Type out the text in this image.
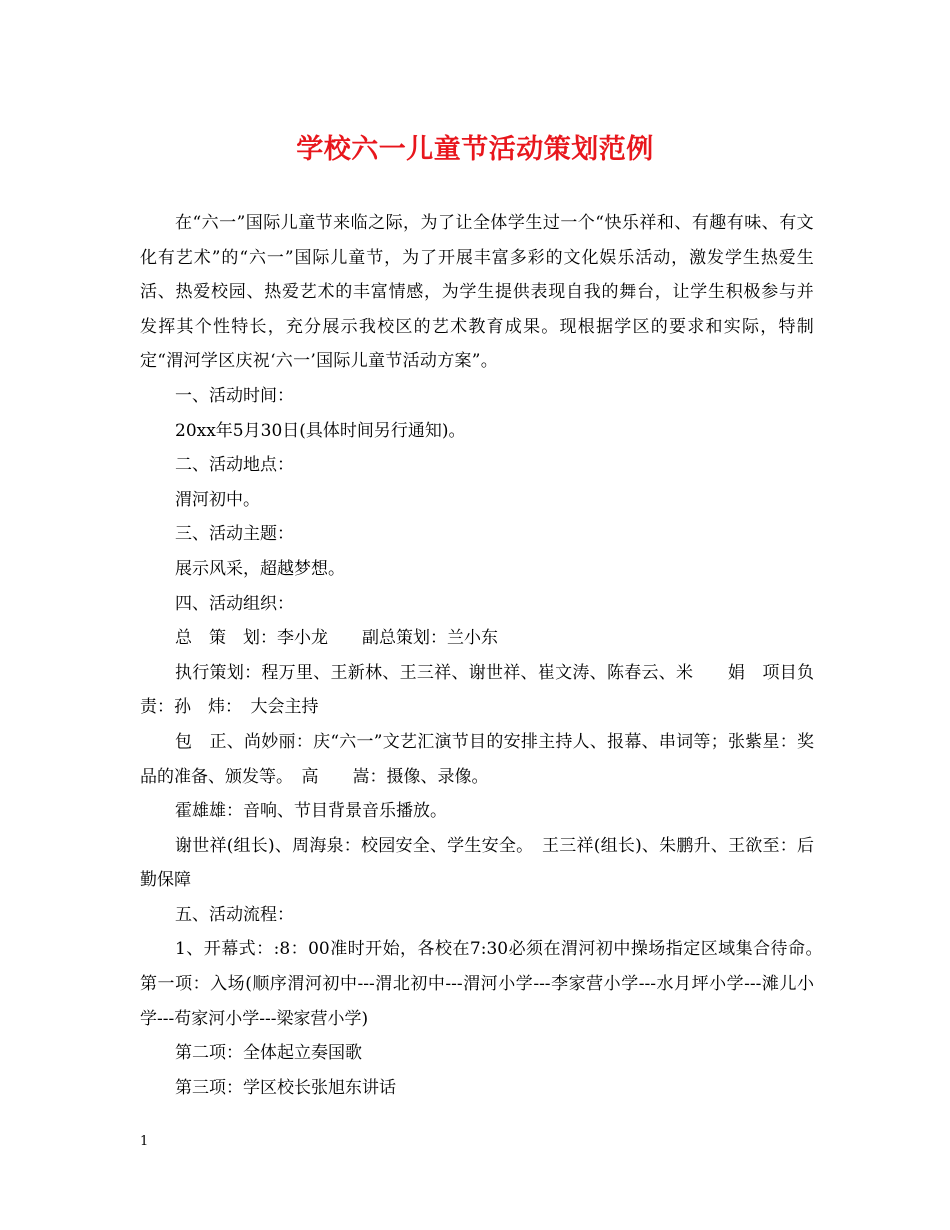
学校六一儿童节活动策划范例

在“六一”国际儿童节来临之际，为了让全体学生过一个“快乐祥和、有趣有味、有文化有艺术”的“六一”国际儿童节，为了开展丰富多彩的文化娱乐活动，激发学生热爱生活、热爱校园、热爱艺术的丰富情感，为学生提供表现自我的舞台，让学生积极参与并发挥其个性特长，充分展示我校区的艺术教育成果。现根据学区的要求和实际，特制定“渭河学区庆祝‘六一’国际儿童节活动方案”。

一、活动时间：

20xx年5月30日(具体时间另行通知)。

二、活动地点：

渭河初中。

三、活动主题：

展示风采，超越梦想。

四、活动组织：

总　策　划：李小龙　　副总策划：兰小东

执行策划：程万里、王新林、王三祥、谢世祥、崔文涛、陈春云、米　　娟　项目负责：孙　炜：　大会主持

包　正、尚妙丽：庆“六一”文艺汇演节目的安排主持人、报幕、串词等；张紫星：奖品的准备、颁发等。　高　　嵩：摄像、录像。

霍雄雄：音响、节目背景音乐播放。

谢世祥(组长)、周海泉：校园安全、学生安全。　王三祥(组长)、朱鹏升、王欲至：后勤保障

五、活动流程：

1、开幕式：:8：00准时开始，各校在7:30必须在渭河初中操场指定区域集合待命。　第一项：入场(顺序渭河初中---渭北初中---渭河小学---李家营小学---水月坪小学---滩儿小学---苟家河小学---梁家营小学)

第二项：全体起立奏国歌

第三项：学区校长张旭东讲话

1
